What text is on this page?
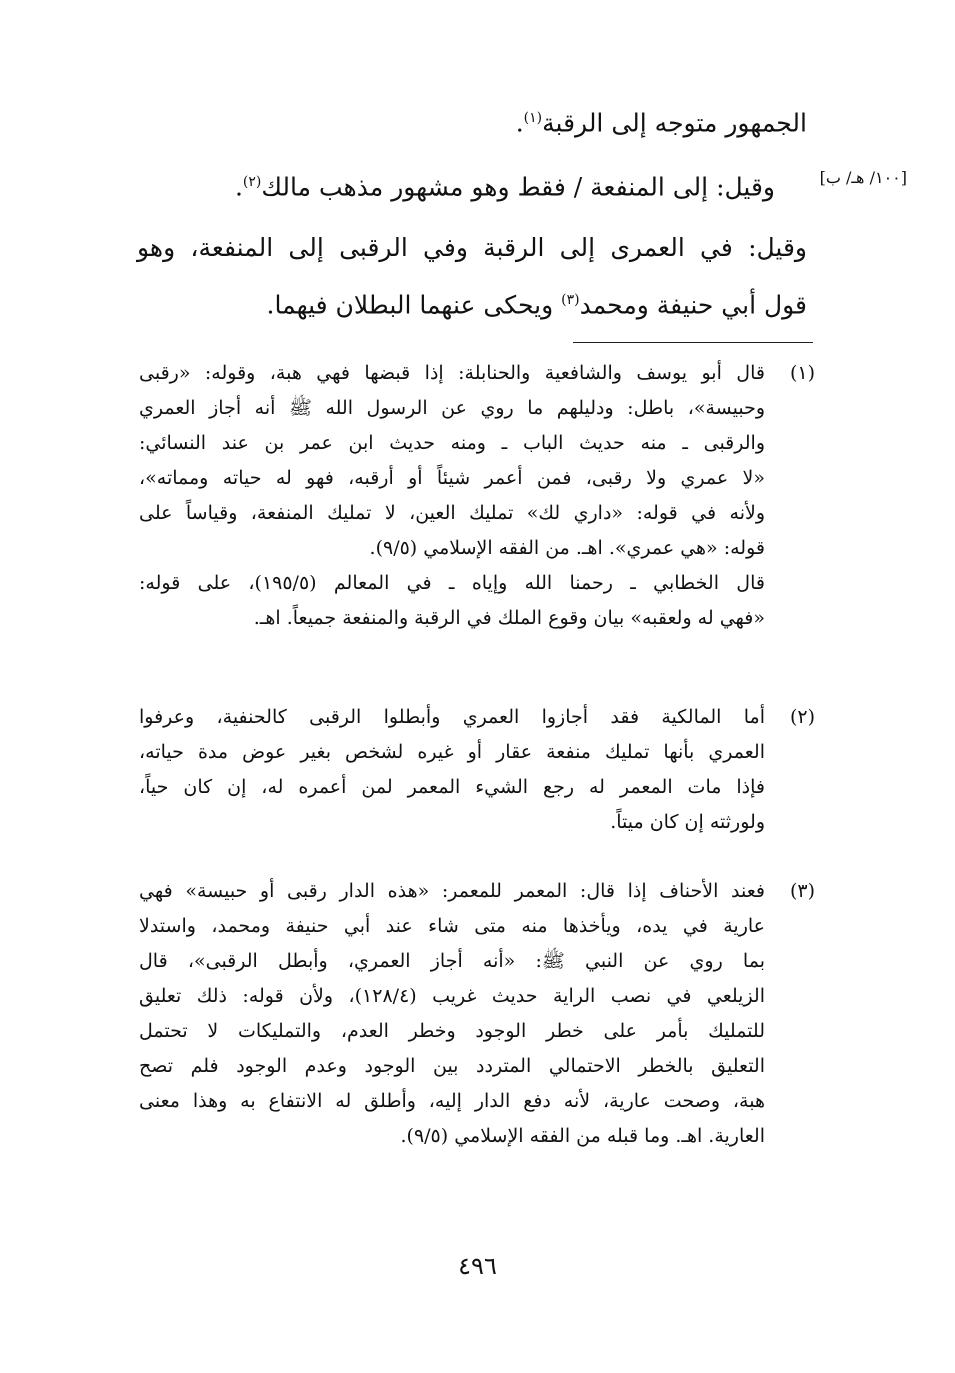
الجمهور متوجه إلى الرقبة$^{(١)}$.
[١٠٠/ هـ/ ب]
وقيل: إلى المنفعة / فقط وهو مشهور مذهب مالك$^{(٢)}$.
وقيل: في العمرى إلى الرقبة وفي الرقبى إلى المنفعة، وهو
قول أبي حنيفة ومحمد$^{(٣)}$ ويحكى عنهما البطلان فيهما.
(١)
قال أبو يوسف والشافعية والحنابلة: إذا قبضها فهي هبة، وقوله: «رقبى
وحبيسة»، باطل: ودليلهم ما روي عن الرسول الله ﷺ أنه أجاز العمري
والرقبى ـ منه حديث الباب ـ ومنه حديث ابن عمر بن عند النسائي:
«لا عمري ولا رقبى، فمن أعمر شيئاً أو أرقبه، فهو له حياته ومماته»،
ولأنه في قوله: «داري لك» تمليك العين، لا تمليك المنفعة، وقياساً على
قوله: «هي عمري». اهـ. من الفقه الإسلامي (٩/٥).
قال الخطابي ـ رحمنا الله وإياه ـ في المعالم (١٩٥/٥)، على قوله:
«فهي له ولعقبه» بيان وقوع الملك في الرقبة والمنفعة جميعاً. اهـ.
(٢)
أما المالكية فقد أجازوا العمري وأبطلوا الرقبى كالحنفية، وعرفوا
العمري بأنها تمليك منفعة عقار أو غيره لشخص بغير عوض مدة حياته،
فإذا مات المعمر له رجع الشيء المعمر لمن أعمره له، إن كان حياً،
ولورثته إن كان ميتاً.
(٣)
فعند الأحناف إذا قال: المعمر للمعمر: «هذه الدار رقبى أو حبيسة» فهي
عارية في يده، ويأخذها منه متى شاء عند أبي حنيفة ومحمد، واستدلا
بما روي عن النبي ﷺ: «أنه أجاز العمري، وأبطل الرقبى»، قال
الزيلعي في نصب الراية حديث غريب (١٢٨/٤)، ولأن قوله: ذلك تعليق
للتمليك بأمر على خطر الوجود وخطر العدم، والتمليكات لا تحتمل
التعليق بالخطر الاحتمالي المتردد بين الوجود وعدم الوجود فلم تصح
هبة، وصحت عارية، لأنه دفع الدار إليه، وأطلق له الانتفاع به وهذا معنى
العارية. اهـ. وما قبله من الفقه الإسلامي (٩/٥).
٤٩٦
